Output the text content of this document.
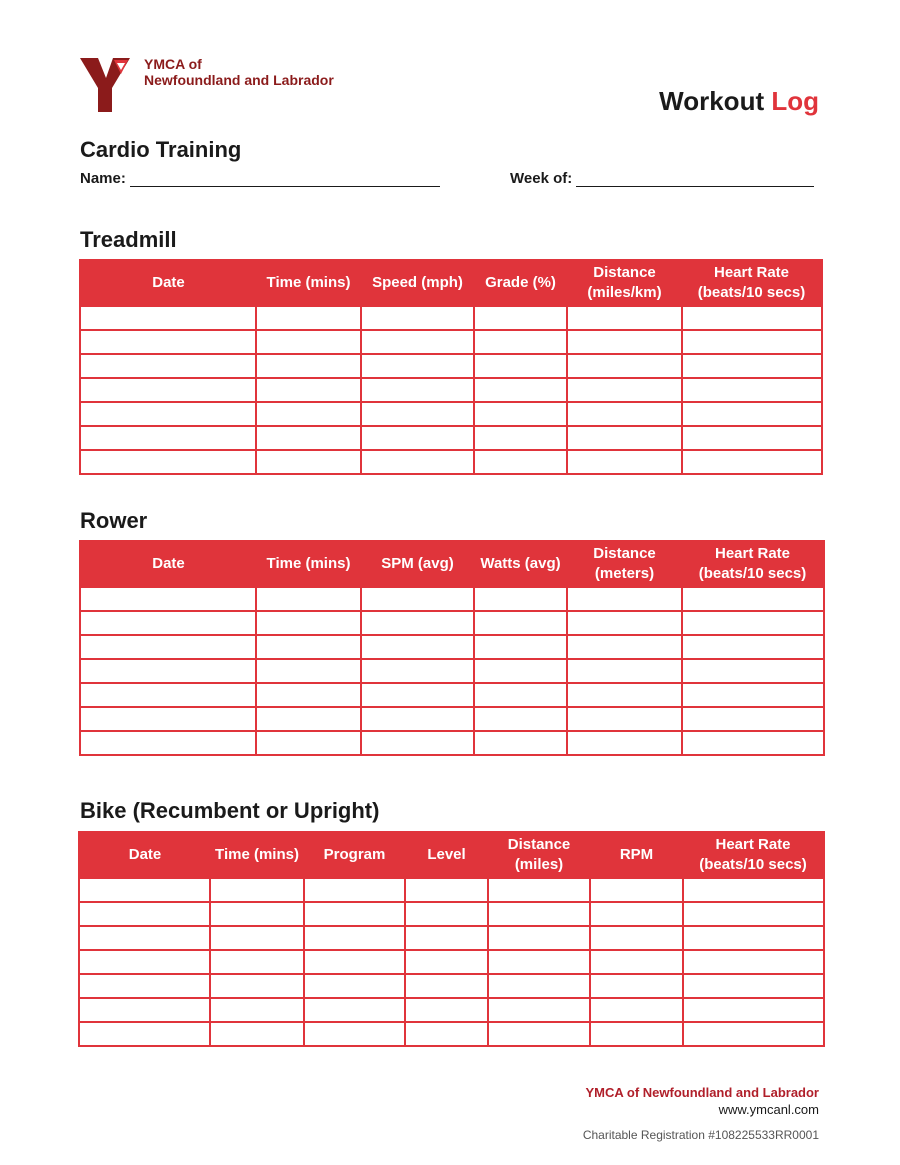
YMCA of
Newfoundland and Labrador
Workout Log
Cardio Training
Name:	Week of:
Treadmill
Date	Time (mins)	Speed (mph)	Grade (%)	Distance (miles/km)	Heart Rate (beats/10 secs)

Rower
Date	Time (mins)	SPM (avg)	Watts (avg)	Distance (meters)	Heart Rate (beats/10 secs)

Bike (Recumbent or Upright)
Date	Time (mins)	Program	Level	Distance (miles)	RPM	Heart Rate (beats/10 secs)

YMCA of Newfoundland and Labrador
www.ymcanl.com
Charitable Registration #108225533RR0001
